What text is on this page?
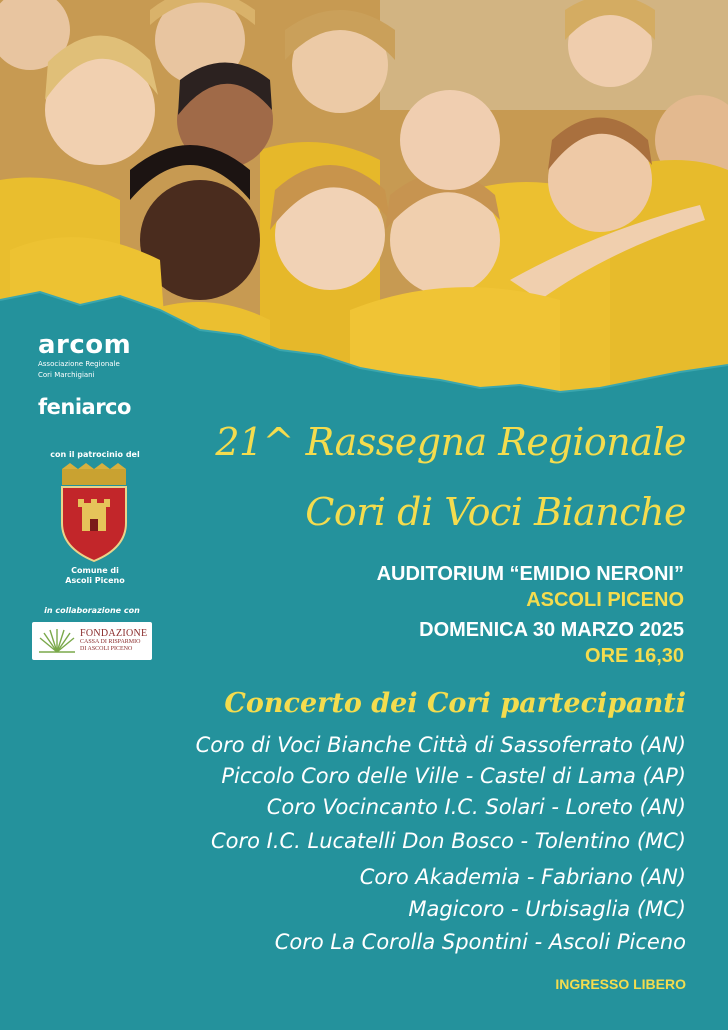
arcom
Associazione Regionale
Cori Marchigiani
feniarco
con il patrocinio del
Comune di
Ascoli Piceno
in collaborazione con
FONDAZIONE
CASSA DI RISPARMIO
DI ASCOLI PICENO
21^ Rassegna Regionale
Cori di Voci Bianche
AUDITORIUM “EMIDIO NERONI”
ASCOLI PICENO
DOMENICA 30 MARZO 2025
ORE 16,30
Concerto dei Cori partecipanti
Coro di Voci Bianche Città di Sassoferrato (AN)
Piccolo Coro delle Ville - Castel di Lama (AP)
Coro Vocincanto I.C. Solari - Loreto (AN)
Coro I.C. Lucatelli Don Bosco - Tolentino (MC)
Coro Akademia - Fabriano (AN)
Magicoro - Urbisaglia (MC)
Coro La Corolla Spontini - Ascoli Piceno
INGRESSO LIBERO
